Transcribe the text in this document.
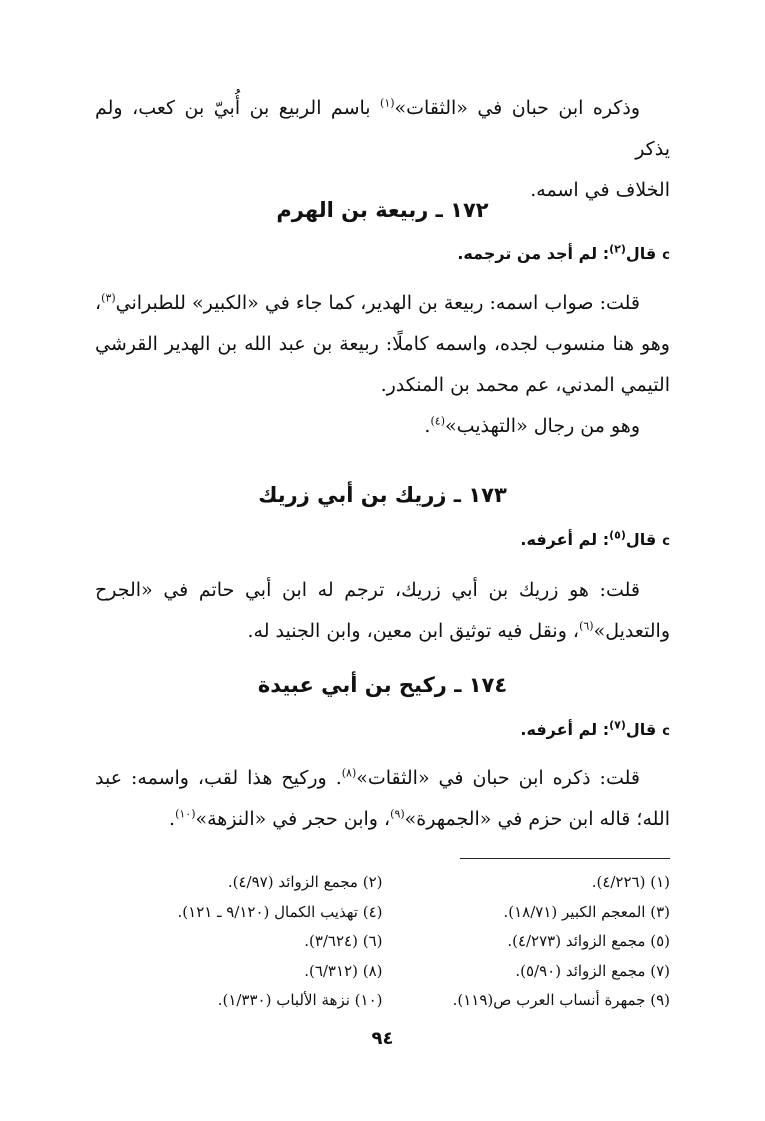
وذكره ابن حبان في «الثقات»$^{(١)}$ باسم الربيع بن أُبيّ بن كعب، ولم يذكر

الخلاف في اسمه.

١٧٢ ـ ربيعة بن الهرم
cقال$^{(٢)}$: لم أجد من ترجمه.

قلت: صواب اسمه: ربيعة بن الهدير، كما جاء في «الكبير» للطبراني$^{(٣)}$، وهو هنا منسوب لجده، واسمه كاملًا: ربيعة بن عبد الله بن الهدير القرشي التيمي المدني، عم محمد بن المنكدر.

وهو من رجال «التهذيب»$^{(٤)}$.

١٧٣ ـ زريك بن أبي زريك
cقال$^{(٥)}$: لم أعرفه.

قلت: هو زريك بن أبي زريك، ترجم له ابن أبي حاتم في «الجرح والتعديل»$^{(٦)}$، ونقل فيه توثيق ابن معين، وابن الجنيد له.

١٧٤ ـ ركيح بن أبي عبيدة
cقال$^{(٧)}$: لم أعرفه.

قلت: ذكره ابن حبان في «الثقات»$^{(٨)}$. وركيح هذا لقب، واسمه: عبد الله؛ قاله ابن حزم في «الجمهرة»$^{(٩)}$، وابن حجر في «النزهة»$^{(١٠)}$.

(١) (٤/٢٢٦).
(٢) مجمع الزوائد (٤/٩٧).
(٣) المعجم الكبير (١٨/٧١).
(٤) تهذيب الكمال (٩/١٢٠ ـ ١٢١).
(٥) مجمع الزوائد (٤/٢٧٣).
(٦) (٣/٦٢٤).
(٧) مجمع الزوائد (٥/٩٠).
(٨) (٦/٣١٢).
(٩) جمهرة أنساب العرب ص(١١٩).
(١٠) نزهة الألباب (١/٣٣٠).
٩٤
